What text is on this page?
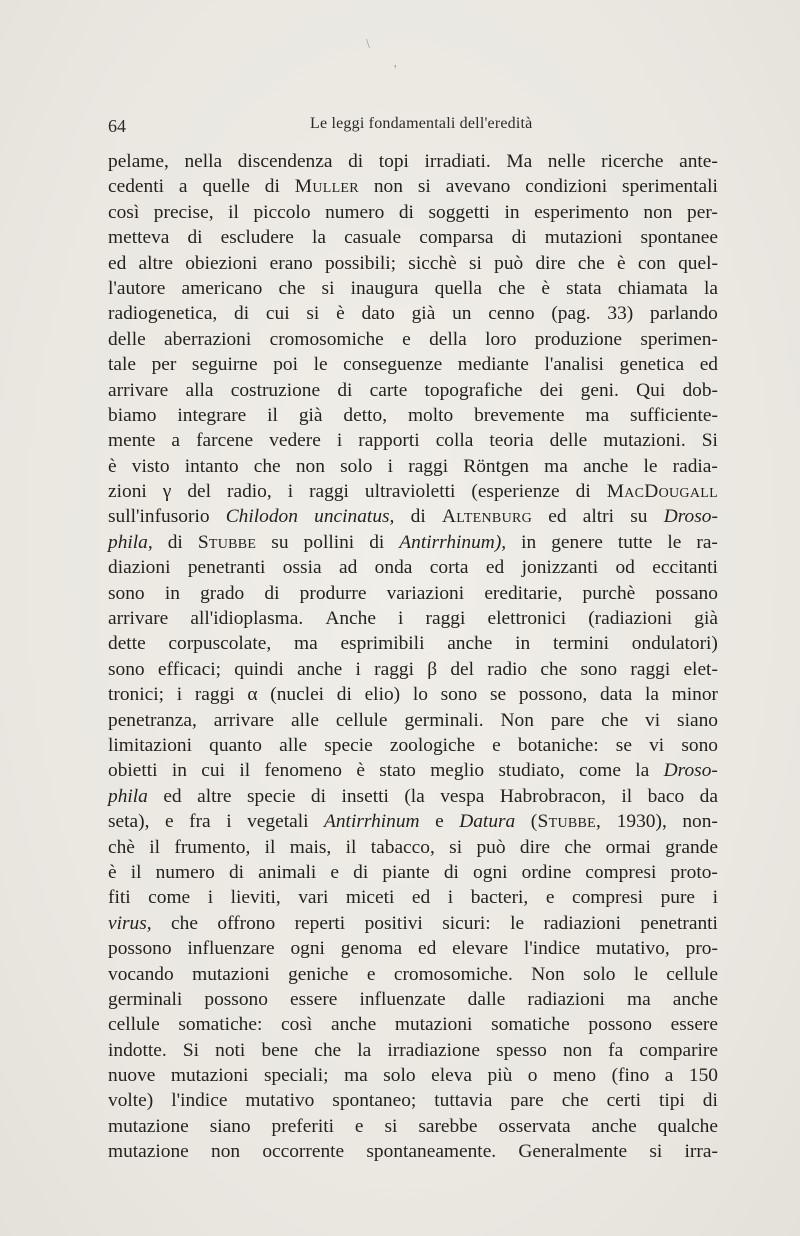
\
'
64	Le leggi fondamentali dell'eredità
pelame, nella discendenza di topi irradiati. Ma nelle ricerche ante-
cedenti a quelle di Muller non si avevano condizioni sperimentali
così precise, il piccolo numero di soggetti in esperimento non per-
metteva di escludere la casuale comparsa di mutazioni spontanee
ed altre obiezioni erano possibili; sicchè si può dire che è con quel-
l'autore americano che si inaugura quella che è stata chiamata la
radiogenetica, di cui si è dato già un cenno (pag. 33) parlando
delle aberrazioni cromosomiche e della loro produzione sperimen-
tale per seguirne poi le conseguenze mediante l'analisi genetica ed
arrivare alla costruzione di carte topografiche dei geni. Qui dob-
biamo integrare il già detto, molto brevemente ma sufficiente-
mente a farcene vedere i rapporti colla teoria delle mutazioni. Si
è visto intanto che non solo i raggi Röntgen ma anche le radia-
zioni γ del radio, i raggi ultravioletti (esperienze di MacDougall
sull'infusorio Chilodon uncinatus, di Altenburg ed altri su Droso-
phila, di Stubbe su pollini di Antirrhinum), in genere tutte le ra-
diazioni penetranti ossia ad onda corta ed jonizzanti od eccitanti
sono in grado di produrre variazioni ereditarie, purchè possano
arrivare all'idioplasma. Anche i raggi elettronici (radiazioni già
dette corpuscolate, ma esprimibili anche in termini ondulatori)
sono efficaci; quindi anche i raggi β del radio che sono raggi elet-
tronici; i raggi α (nuclei di elio) lo sono se possono, data la minor
penetranza, arrivare alle cellule germinali. Non pare che vi siano
limitazioni quanto alle specie zoologiche e botaniche: se vi sono
obietti in cui il fenomeno è stato meglio studiato, come la Droso-
phila ed altre specie di insetti (la vespa Habrobracon, il baco da
seta), e fra i vegetali Antirrhinum e Datura (Stubbe, 1930), non-
chè il frumento, il mais, il tabacco, si può dire che ormai grande
è il numero di animali e di piante di ogni ordine compresi proto-
fiti come i lieviti, vari miceti ed i bacteri, e compresi pure i
virus, che offrono reperti positivi sicuri: le radiazioni penetranti
possono influenzare ogni genoma ed elevare l'indice mutativo, pro-
vocando mutazioni geniche e cromosomiche. Non solo le cellule
germinali possono essere influenzate dalle radiazioni ma anche
cellule somatiche: così anche mutazioni somatiche possono essere
indotte. Si noti bene che la irradiazione spesso non fa comparire
nuove mutazioni speciali; ma solo eleva più o meno (fino a 150
volte) l'indice mutativo spontaneo; tuttavia pare che certi tipi di
mutazione siano preferiti e si sarebbe osservata anche qualche
mutazione non occorrente spontaneamente. Generalmente si irra-
